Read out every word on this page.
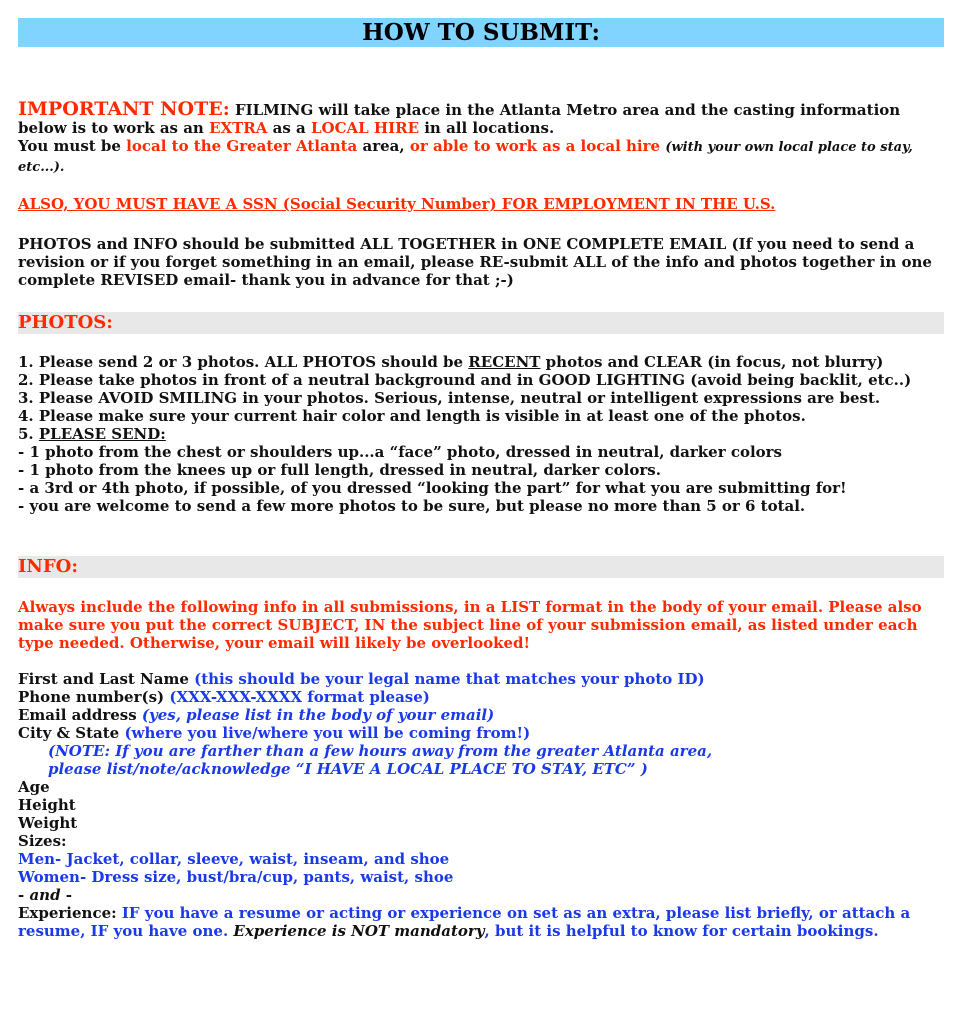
HOW TO SUBMIT:

IMPORTANT NOTE: FILMING will take place in the Atlanta Metro area and the casting information below is to work as an EXTRA as a LOCAL HIRE in all locations.
You must be local to the Greater Atlanta area, or able to work as a local hire (with your own local place to stay, etc...).

ALSO, YOU MUST HAVE A SSN (Social Security Number) FOR EMPLOYMENT IN THE U.S.

PHOTOS and INFO should be submitted ALL TOGETHER in ONE COMPLETE EMAIL (If you need to send a revision or if you forget something in an email, please RE-submit ALL of the info and photos together in one complete REVISED email- thank you in advance for that ;-)

PHOTOS:

1. Please send 2 or 3 photos. ALL PHOTOS should be RECENT photos and CLEAR (in focus, not blurry)

2. Please take photos in front of a neutral background and in GOOD LIGHTING (avoid being backlit, etc..)

3. Please AVOID SMILING in your photos. Serious, intense, neutral or intelligent expressions are best.

4. Please make sure your current hair color and length is visible in at least one of the photos.

5. PLEASE SEND:

- 1 photo from the chest or shoulders up...a “face” photo, dressed in neutral, darker colors

- 1 photo from the knees up or full length, dressed in neutral, darker colors.

- a 3rd or 4th photo, if possible, of you dressed “looking the part” for what you are submitting for!

- you are welcome to send a few more photos to be sure, but please no more than 5 or 6 total.

INFO:

Always include the following info in all submissions, in a LIST format in the body of your email. Please also make sure you put the correct SUBJECT, IN the subject line of your submission email, as listed under each type needed. Otherwise, your email will likely be overlooked!

First and Last Name (this should be your legal name that matches your photo ID)

Phone number(s) (XXX-XXX-XXXX format please)

Email address (yes, please list in the body of your email)

City & State (where you live/where you will be coming from!)

(NOTE: If you are farther than a few hours away from the greater Atlanta area,

please list/note/acknowledge “I HAVE A LOCAL PLACE TO STAY, ETC” )

Age

Height

Weight

Sizes:

Men- Jacket, collar, sleeve, waist, inseam, and shoe

Women- Dress size, bust/bra/cup, pants, waist, shoe

- and -

Experience: IF you have a resume or acting or experience on set as an extra, please list briefly, or attach a resume, IF you have one. Experience is NOT mandatory, but it is helpful to know for certain bookings.
